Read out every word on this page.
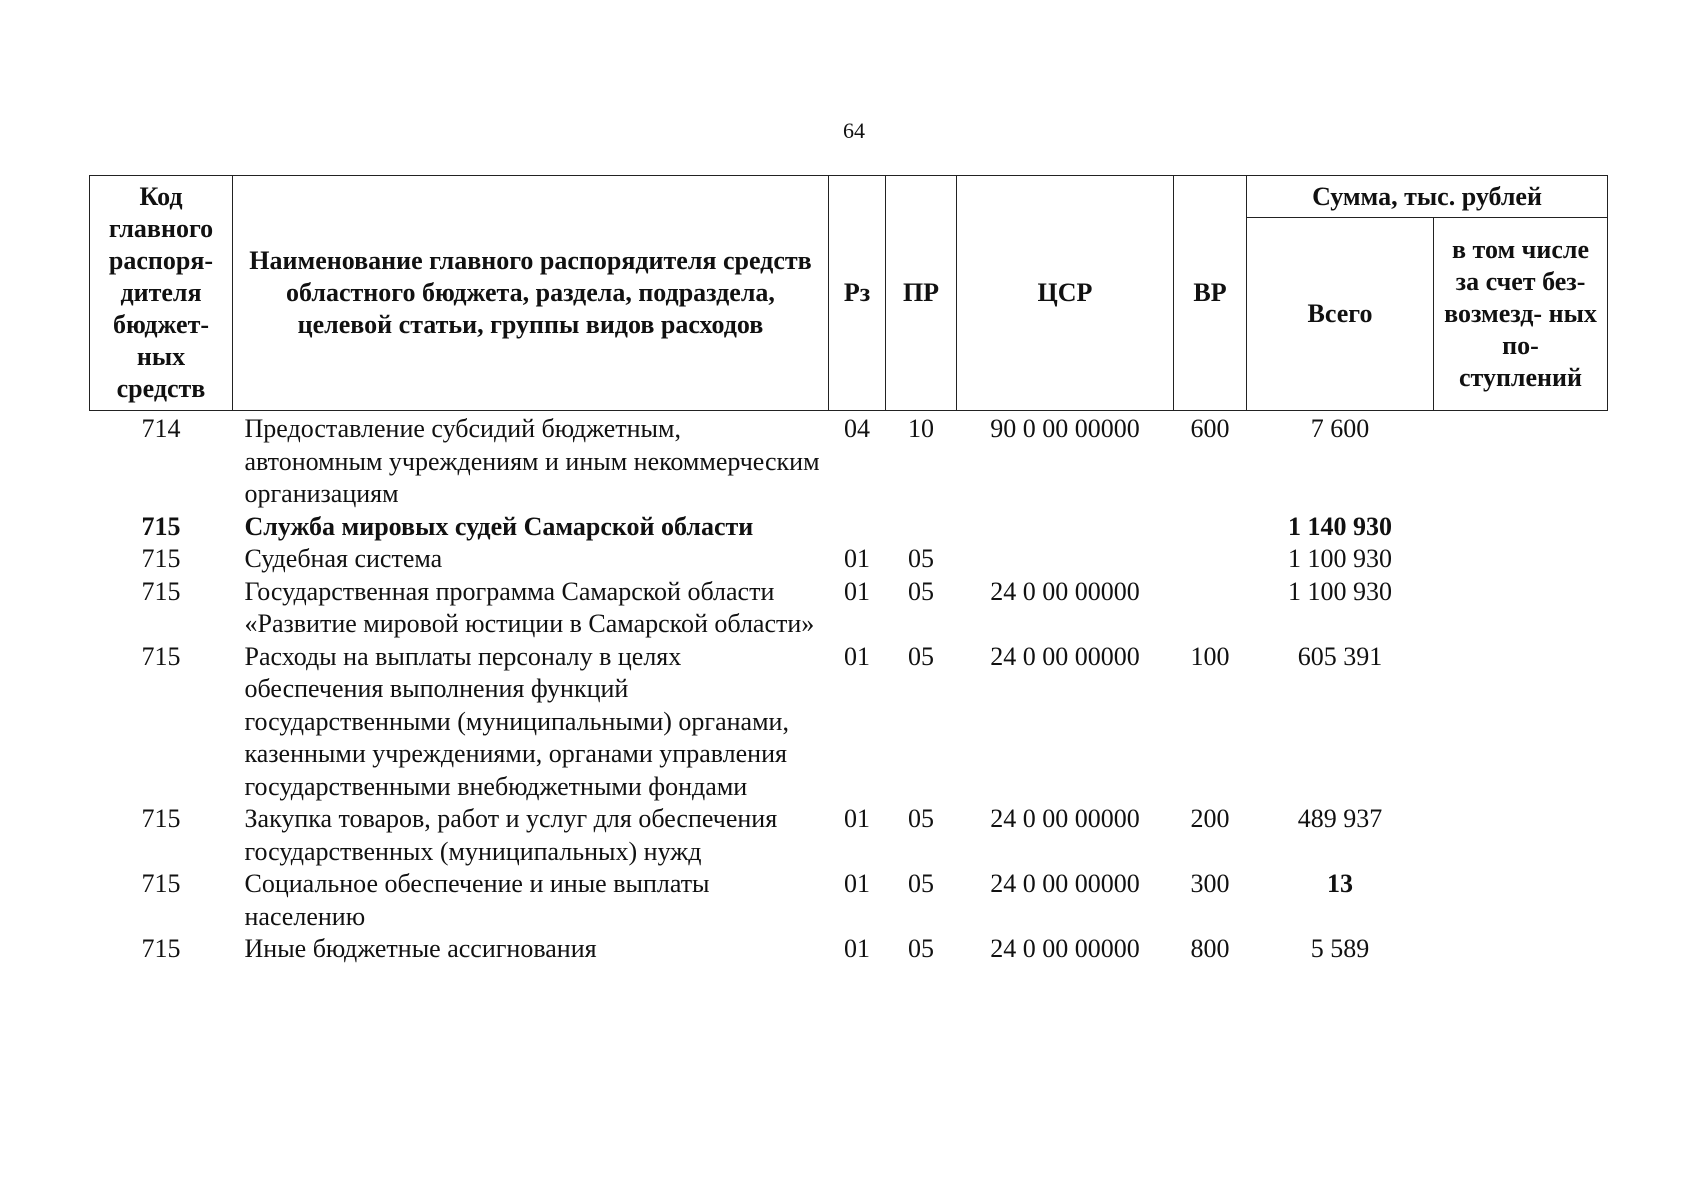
64
Код главного распоря- дителя бюджет- ных средств	Наименование главного распорядителя средств областного бюджета, раздела, подраздела, целевой статьи, группы видов расходов	Рз	ПР	ЦСР	ВР	Сумма, тыс. рублей	
						Всего	в том числе за счет без- возмезд- ных по- ступлений
714	Предоставление субсидий бюджетным, автономным учреждениям и иным некоммерческим организациям	04	10	90 0 00 00000	600	7 600	
715	Служба мировых судей Самарской области					1 140 930	
715	Судебная система	01	05			1 100 930	
715	Государственная программа Самарской области «Развитие мировой юстиции в Самарской области»	01	05	24 0 00 00000		1 100 930	
715	Расходы на выплаты персоналу в целях обеспечения выполнения функций государственными (муниципальными) органами, казенными учреждениями, органами управления государственными внебюджетными фондами	01	05	24 0 00 00000	100	605 391	
715	Закупка товаров, работ и услуг для обеспечения государственных (муниципальных) нужд	01	05	24 0 00 00000	200	489 937	
715	Социальное обеспечение и иные выплаты населению	01	05	24 0 00 00000	300	13	
715	Иные бюджетные ассигнования	01	05	24 0 00 00000	800	5 589	
